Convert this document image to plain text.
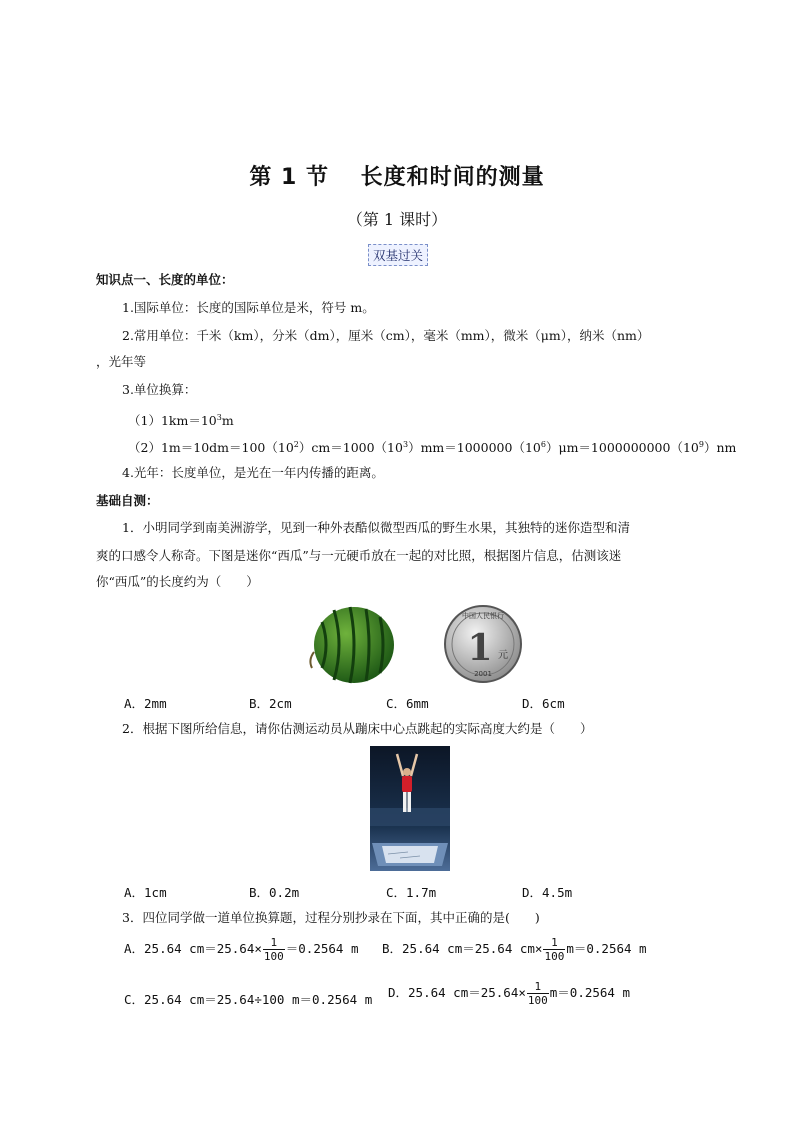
第 1 节　 长度和时间的测量
（第 1 课时）
双基过关
知识点一、长度的单位：
1.国际单位：长度的国际单位是米，符号 m。
2.常用单位：千米（km），分米（dm），厘米（cm），毫米（mm），微米（μm），纳米（nm）
，光年等
3.单位换算：
$(1)1km=10^3m$
$(2)1m=10dm=100(10^2)cm=1000(10^3)mm=1000000(10^6)\mu m=1000000000(10^9)nm$
4.光年：长度单位，是光在一年内传播的距离。
基础自测：
1．小明同学到南美洲游学，见到一种外表酷似微型西瓜的野生水果，其独特的迷你造型和清
爽的口感令人称奇。下图是迷你“西瓜”与一元硬币放在一起的对比照，根据图片信息，估测该迷
你“西瓜”的长度约为（　　）
中国人民银行
1 元
2001
A．2mm	B．2cm	C．6mm	D．6cm
2．根据下图所给信息，请你估测运动员从蹦床中心点跳起的实际高度大约是（　　）
A．1cm	B．0.2m	C．1.7m	D．4.5m
3．四位同学做一道单位换算题，过程分别抄录在下面，其中正确的是(　　)
A．25.64 $cm=25.64\times \frac{1}{100} =0.2564$ m B．25.64 cm＝25.64 $cm\times \frac{1}{100} m=0.2564$ m
C．25.64 cm＝25.64÷100 m＝0.2564 m D．25.64 $cm=25.64\times \frac{1}{100} m=0.2564$ m
